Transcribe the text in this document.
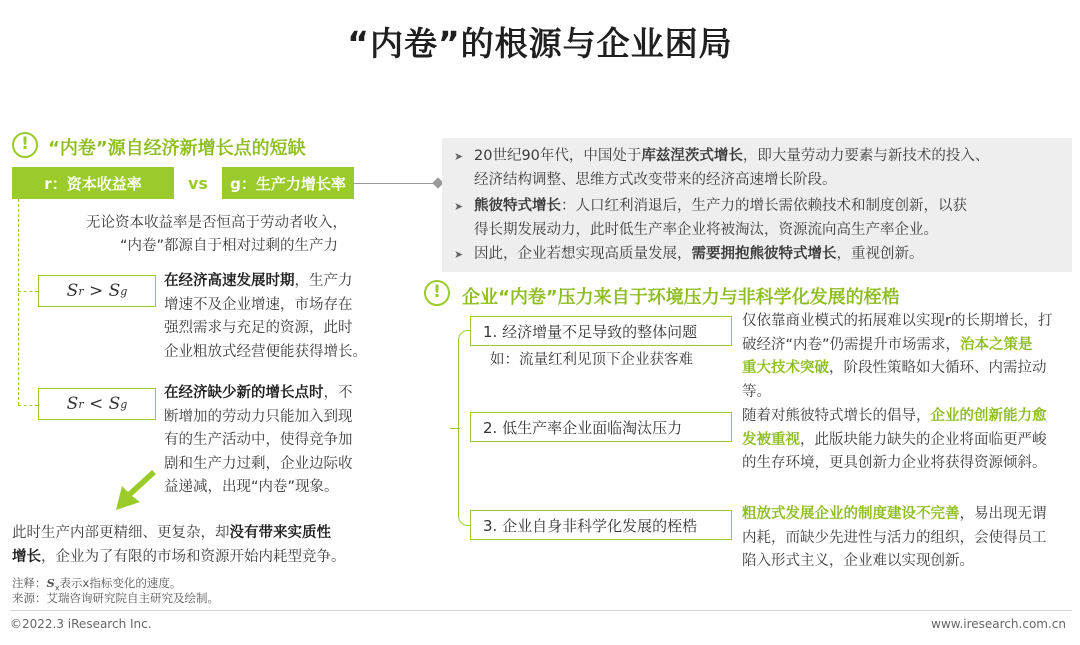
“内卷”的根源与企业困局
!	“内卷”源自经济新增长点的短缺
r：资本收益率	vs	g：生产力增长率
无论资本收益率是否恒高于劳动者收入，
“内卷”都源自于相对过剩的生产力
S r > S g
在经济高速发展时期，生产力
增速不及企业增速，市场存在
强烈需求与充足的资源，此时
企业粗放式经营便能获得增长。
S r < S g
在经济缺少新的增长点时，不
断增加的劳动力只能加入到现
有的生产活动中，使得竞争加
剧和生产力过剩，企业边际收
益递减，出现“内卷”现象。
此时生产内部更精细、更复杂，却没有带来实质性
增长，企业为了有限的市场和资源开始内耗型竞争。
注释：$S_x$表示x指标变化的速度。
来源：艾瑞咨询研究院自主研究及绘制。
➤ 20世纪90年代，中国处于库兹涅茨式增长，即大量劳动力要素与新技术的投入、
经济结构调整、思维方式改变带来的经济高速增长阶段。
➤ 熊彼特式增长：人口红利消退后，生产力的增长需依赖技术和制度创新，以获
得长期发展动力，此时低生产率企业将被淘汰，资源流向高生产率企业。
➤ 因此，企业若想实现高质量发展，需要拥抱熊彼特式增长，重视创新。
!	企业“内卷”压力来自于环境压力与非科学化发展的桎梏
1. 经济增量不足导致的整体问题
如：流量红利见顶下企业获客难
仅依靠商业模式的拓展难以实现r的长期增长，打
破经济“内卷”仍需提升市场需求，治本之策是
重大技术突破，阶段性策略如大循环、内需拉动
等。
2. 低生产率企业面临淘汰压力
随着对熊彼特式增长的倡导，企业的创新能力愈
发被重视，此版块能力缺失的企业将面临更严峻
的生存环境，更具创新力企业将获得资源倾斜。
3. 企业自身非科学化发展的桎梏
粗放式发展企业的制度建设不完善，易出现无谓
内耗，而缺少先进性与活力的组织，会使得员工
陷入形式主义，企业难以实现创新。
©2022.3 iResearch Inc.	www.iresearch.com.cn
